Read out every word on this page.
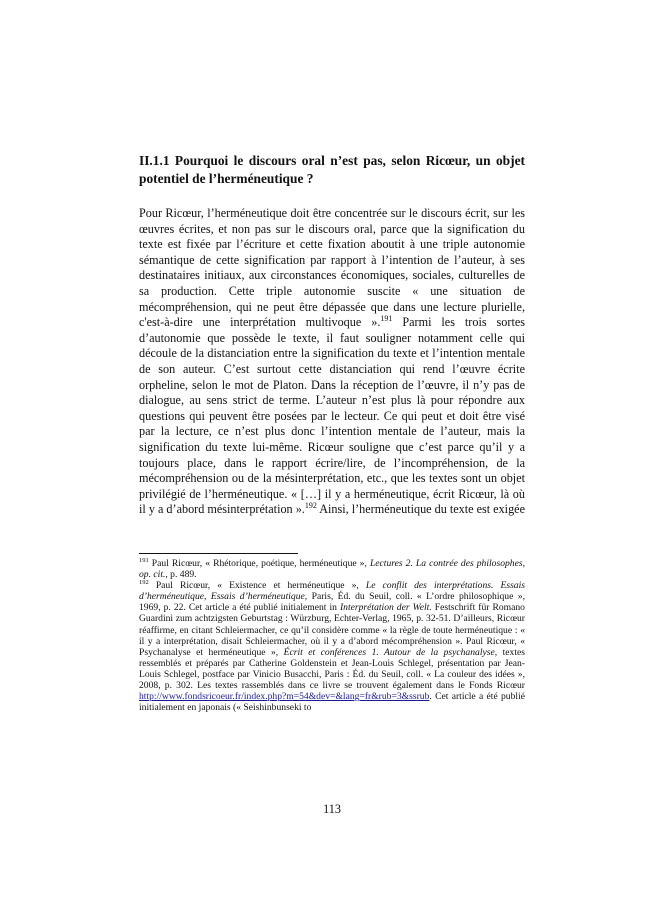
II.1.1 Pourquoi le discours oral n’est pas, selon Ricœur, un objet potentiel de l’herméneutique ?

Pour Ricœur, l’herméneutique doit être concentrée sur le discours écrit, sur les œuvres écrites, et non pas sur le discours oral, parce que la signification du texte est fixée par l’écriture et cette fixation aboutit à une triple autonomie sémantique de cette signification par rapport à l’intention de l’auteur, à ses destinataires initiaux, aux circonstances économiques, sociales, culturelles de sa production. Cette triple autonomie suscite « une situation de mécompréhension, qui ne peut être dépassée que dans une lecture plurielle, c'est-à-dire une interprétation multivoque ».$^{191}$ Parmi les trois sortes d’autonomie que possède le texte, il faut souligner notamment celle qui découle de la distanciation entre la signification du texte et l’intention mentale de son auteur. C’est surtout cette distanciation qui rend l’œuvre écrite orpheline, selon le mot de Platon. Dans la réception de l’œuvre, il n’y pas de dialogue, au sens strict de terme. L’auteur n’est plus là pour répondre aux questions qui peuvent être posées par le lecteur. Ce qui peut et doit être visé par la lecture, ce n’est plus donc l’intention mentale de l’auteur, mais la signification du texte lui-même. Ricœur souligne que c’est parce qu’il y a toujours place, dans le rapport écrire/lire, de l’incompréhension, de la mécompréhension ou de la mésinterprétation, etc., que les textes sont un objet privilégié de l’herméneutique. « […] il y a herméneutique, écrit Ricœur, là où il y a d’abord mésinterprétation ».$^{192}$ Ainsi, l’herméneutique du texte est exigée

$^{191}$ Paul Ricœur, « Rhétorique, poétique, herméneutique », Lectures 2. La contrée des philosophes, op. cit., p. 489.

$^{192}$ Paul Ricœur, « Existence et herméneutique », Le conflit des interprétations. Essais d’herméneutique, Essais d’herméneutique, Paris, Éd. du Seuil, coll. « L’ordre philosophique », 1969, p. 22. Cet article a été publié initialement in Interprétation der Welt. Festschrift für Romano Guardini zum achtzigsten Geburtstag : Würzburg, Echter-Verlag, 1965, p. 32-51. D’ailleurs, Ricœur réaffirme, en citant Schleiermacher, ce qu’il considère comme « la règle de toute herméneutique : « il y a interprétation, disait Schleiermacher, où il y a d’abord mécompréhension ». Paul Ricœur, « Psychanalyse et herméneutique », Écrit et conférences 1. Autour de la psychanalyse, textes ressemblés et préparés par Catherine Goldenstein et Jean-Louis Schlegel, présentation par Jean-Louis Schlegel, postface par Vinicio Busacchi, Paris : Éd. du Seuil, coll. « La couleur des idées », 2008, p. 302. Les textes rassemblés dans ce livre se trouvent également dans le Fonds Ricœur http://www.fondsricoeur.fr/index.php?m=54&dev=&lang=fr&rub=3&ssrub. Cet article a été publié initialement en japonais (« Seishinbunseki to

113
